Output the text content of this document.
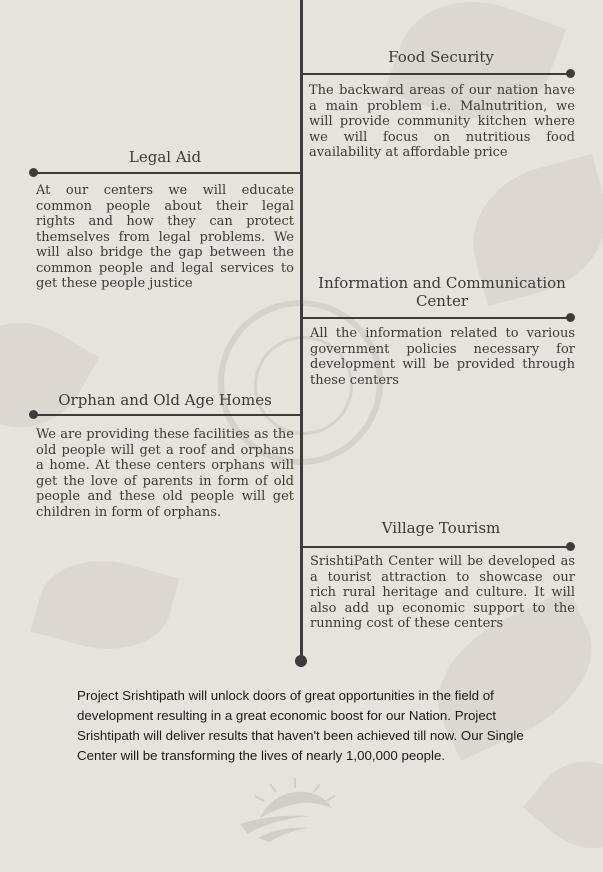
Food Security

The backward areas of our nation have a main problem i.e. Malnutrition, we will provide community kitchen where we will focus on nutritious food availability at affordable price

Legal Aid

At our centers we will educate common people about their legal rights and how they can protect themselves from legal problems. We will also bridge the gap between the common people and legal services to get these people justice	Information and Communication Center

All the information related to various government policies necessary for development will be provided through these centers

Orphan and Old Age Homes

We are providing these facilities as the old people will get a roof and orphans a home. At these centers orphans will get the love of parents in form of old people and these old people will get children in form of orphans.

Village Tourism

SrishtiPath Center will be developed as a tourist attraction to showcase our rich rural heritage and culture. It will also add up economic support to the running cost of these centers

Project Srishtipath will unlock doors of great opportunities in the field of development resulting in a great economic boost for our Nation. Project Srishtipath will deliver results that haven't been achieved till now. Our Single Center will be transforming the lives of nearly 1,00,000 people.
